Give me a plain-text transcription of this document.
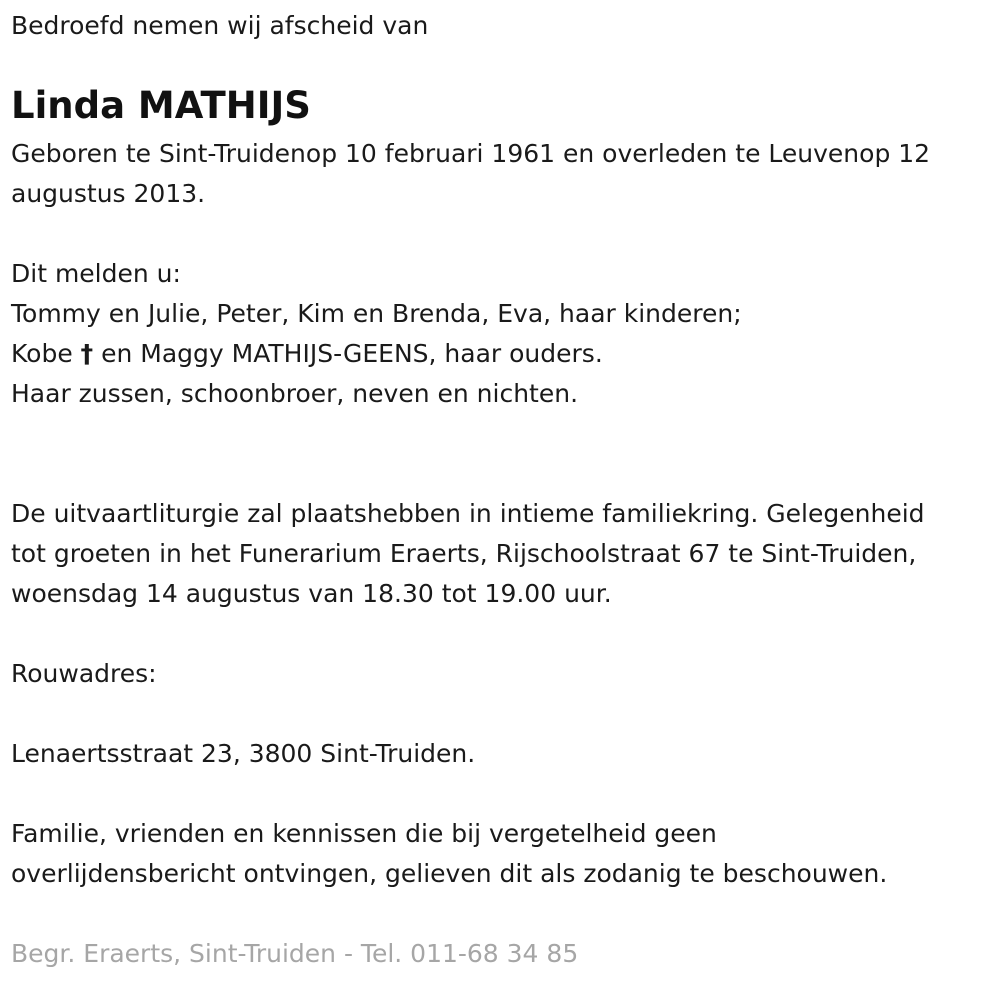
Bedroefd nemen wij afscheid van
Linda MATHIJS
Geboren te Sint-Truidenop 10 februari 1961 en overleden te Leuvenop 12
augustus 2013.
Dit melden u:
Tommy en Julie, Peter, Kim en Brenda, Eva, haar kinderen;
Kobe † en Maggy MATHIJS-GEENS, haar ouders.
Haar zussen, schoonbroer, neven en nichten.
De uitvaartliturgie zal plaatshebben in intieme familiekring. Gelegenheid
tot groeten in het Funerarium Eraerts, Rijschoolstraat 67 te Sint-Truiden,
woensdag 14 augustus van 18.30 tot 19.00 uur.
Rouwadres:
Lenaertsstraat 23, 3800 Sint-Truiden.
Familie, vrienden en kennissen die bij vergetelheid geen
overlijdensbericht ontvingen, gelieven dit als zodanig te beschouwen.
Begr. Eraerts, Sint-Truiden - Tel. 011-68 34 85
